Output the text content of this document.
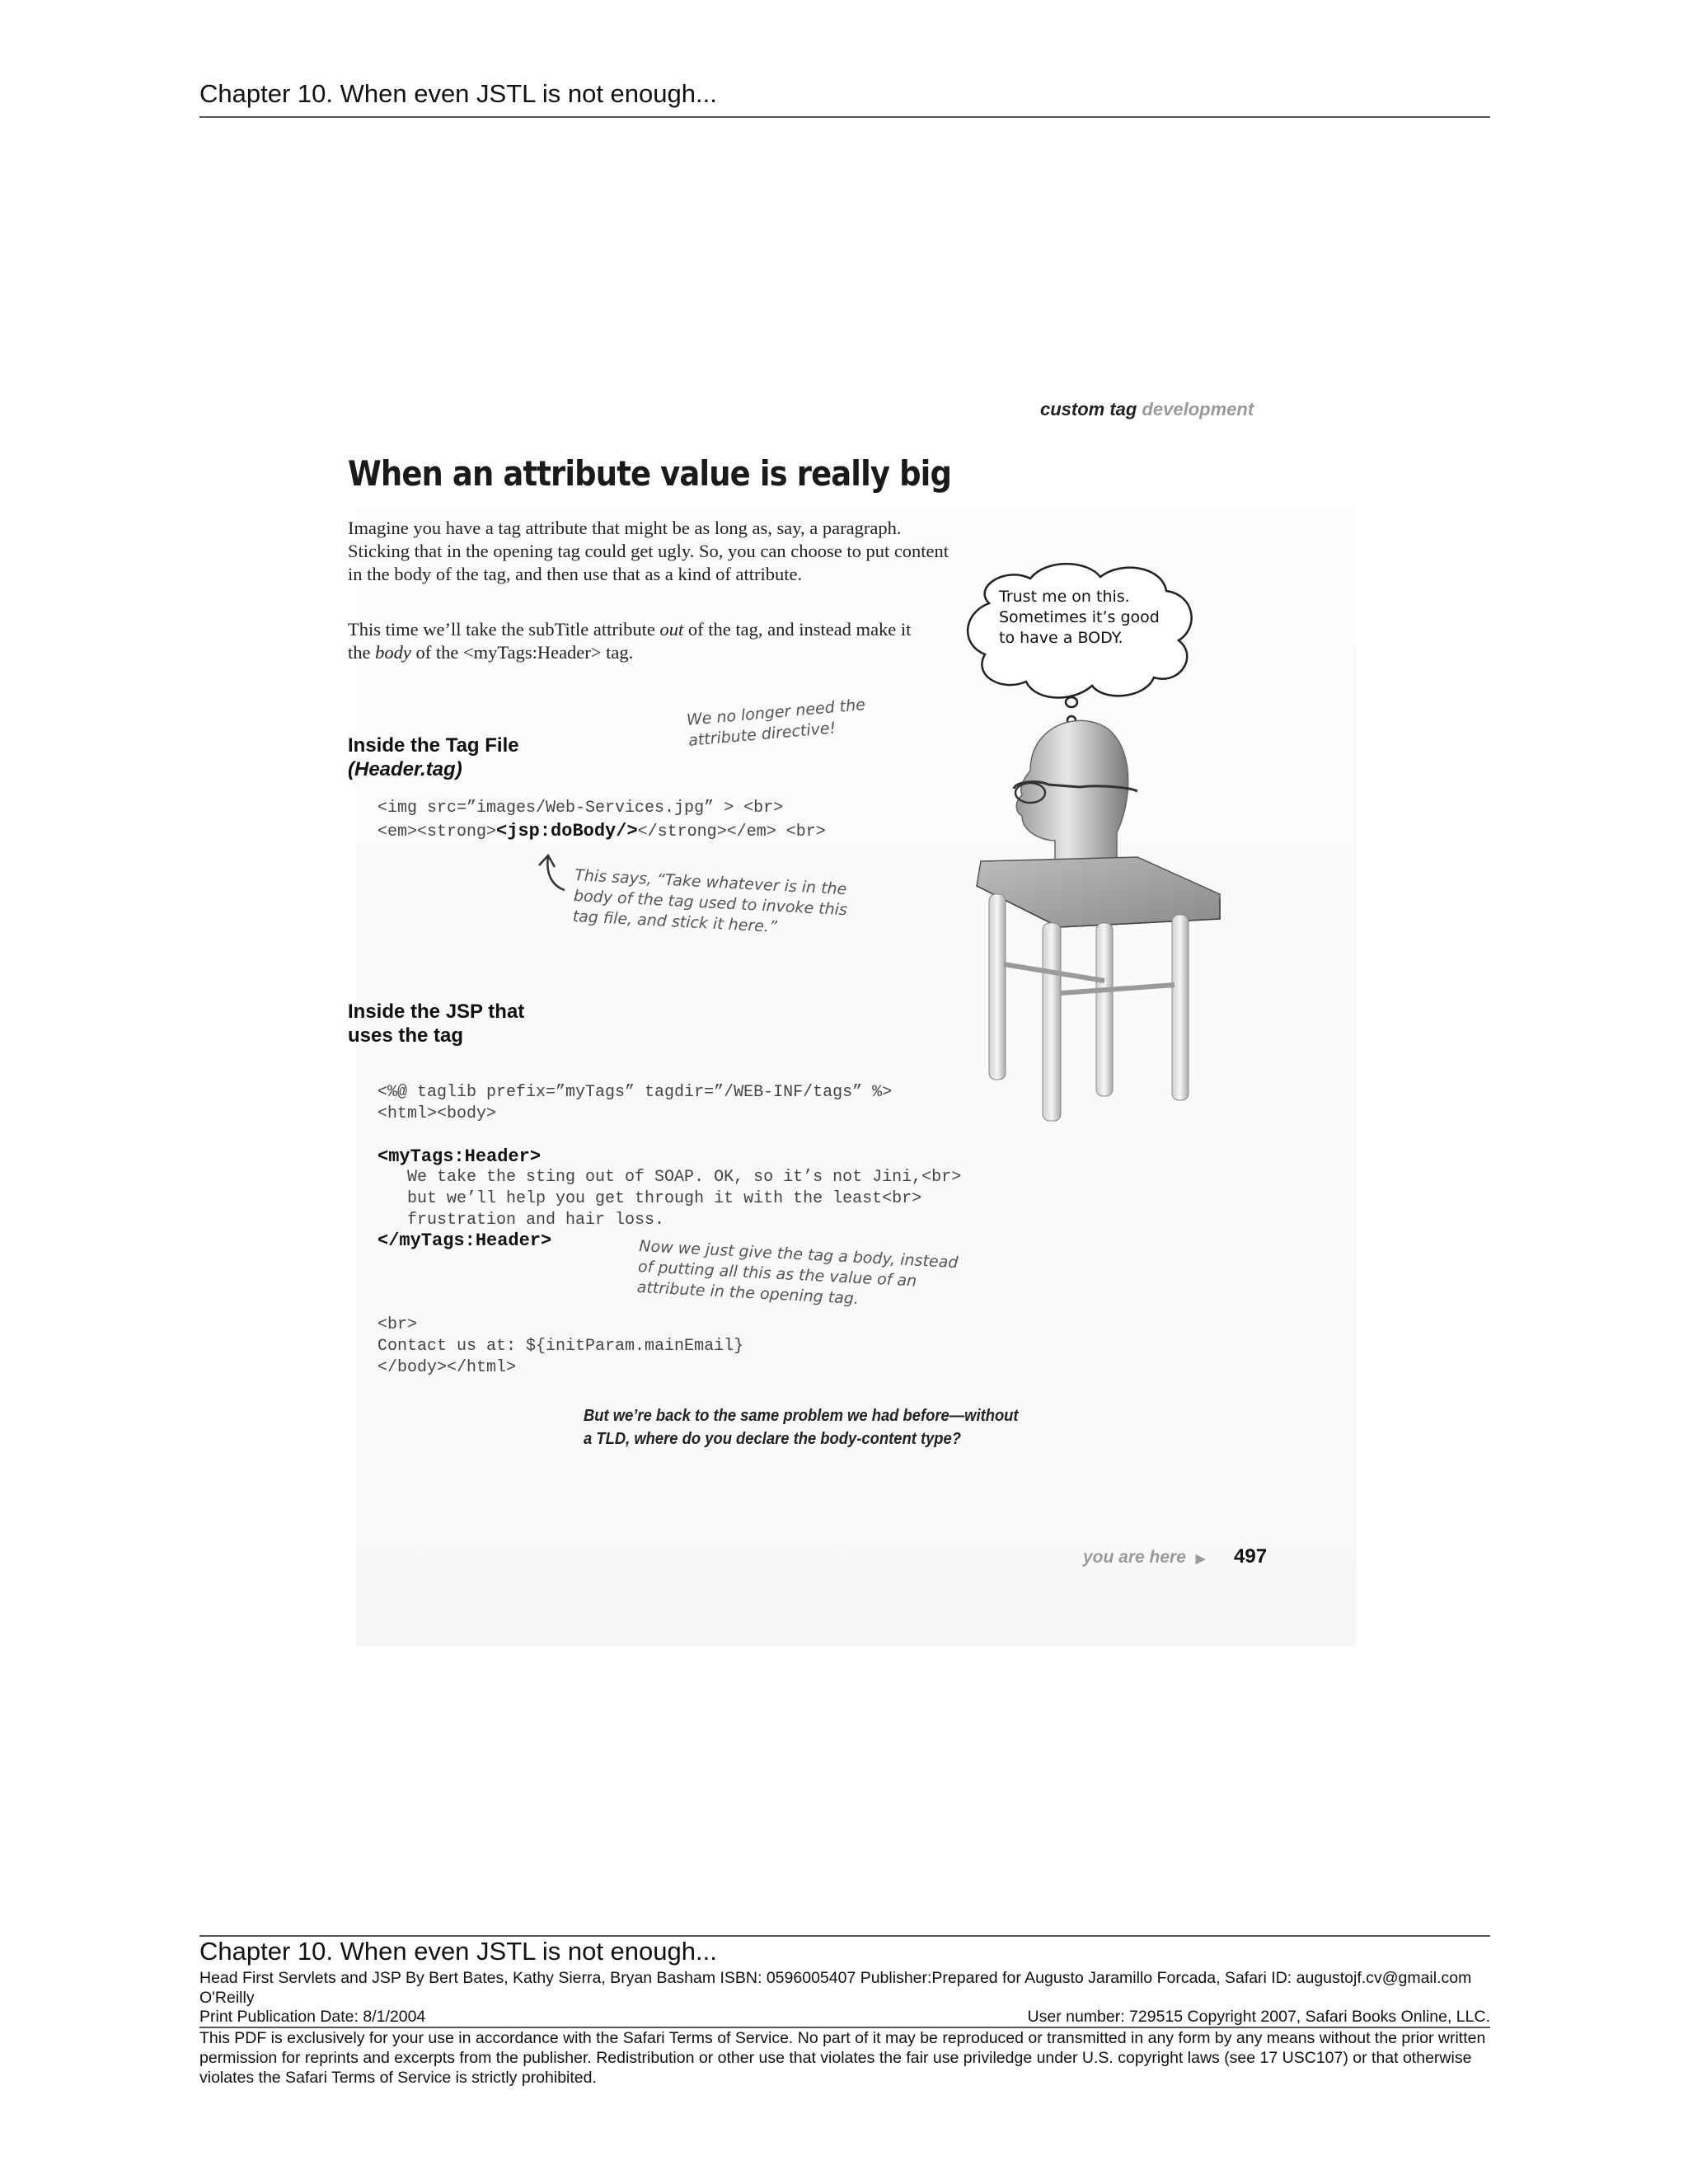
Chapter 10. When even JSTL is not enough...
custom tag development
When an attribute value is really big
Imagine you have a tag attribute that might be as long as, say, a paragraph. Sticking that in the opening tag could get ugly. So, you can choose to put content in the body of the tag, and then use that as a kind of attribute.
This time we’ll take the subTitle attribute out of the tag, and instead make it the body of the <myTags:Header> tag.
Trust me on this.
Sometimes it’s good
to have a BODY.
Inside the Tag File
(Header.tag)
We no longer need the
attribute directive!
<img src=”images/Web-Services.jpg” > <br>
<em><strong><jsp:doBody/></strong></em> <br>
This says, “Take whatever is in the
body of the tag used to invoke this
tag file, and stick it here.”
Inside the JSP that
uses the tag
<%@ taglib prefix=”myTags” tagdir=”/WEB-INF/tags” %>
<html><body>
<myTags:Header>
We take the sting out of SOAP. OK, so it’s not Jini,<br>
but we’ll help you get through it with the least<br>
frustration and hair loss.
</myTags:Header>	Now we just give the tag a body, instead
of putting all this as the value of an
attribute in the opening tag.
<br>
Contact us at: ${initParam.mainEmail}
</body></html>
But we’re back to the same problem we had before—without
a TLD, where do you declare the body-content type?
you are here ▶ 497
Chapter 10. When even JSTL is not enough...
Head First Servlets and JSP By Bert Bates, Kathy Sierra, Bryan Basham ISBN: 0596005407 Publisher:Prepared for Augusto Jaramillo Forcada, Safari ID: augustojf.cv@gmail.com
O'Reilly
Print Publication Date: 8/1/2004	User number: 729515 Copyright 2007, Safari Books Online, LLC.
This PDF is exclusively for your use in accordance with the Safari Terms of Service. No part of it may be reproduced or transmitted in any form by any means without the prior written permission for reprints and excerpts from the publisher. Redistribution or other use that violates the fair use priviledge under U.S. copyright laws (see 17 USC107) or that otherwise violates the Safari Terms of Service is strictly prohibited.
